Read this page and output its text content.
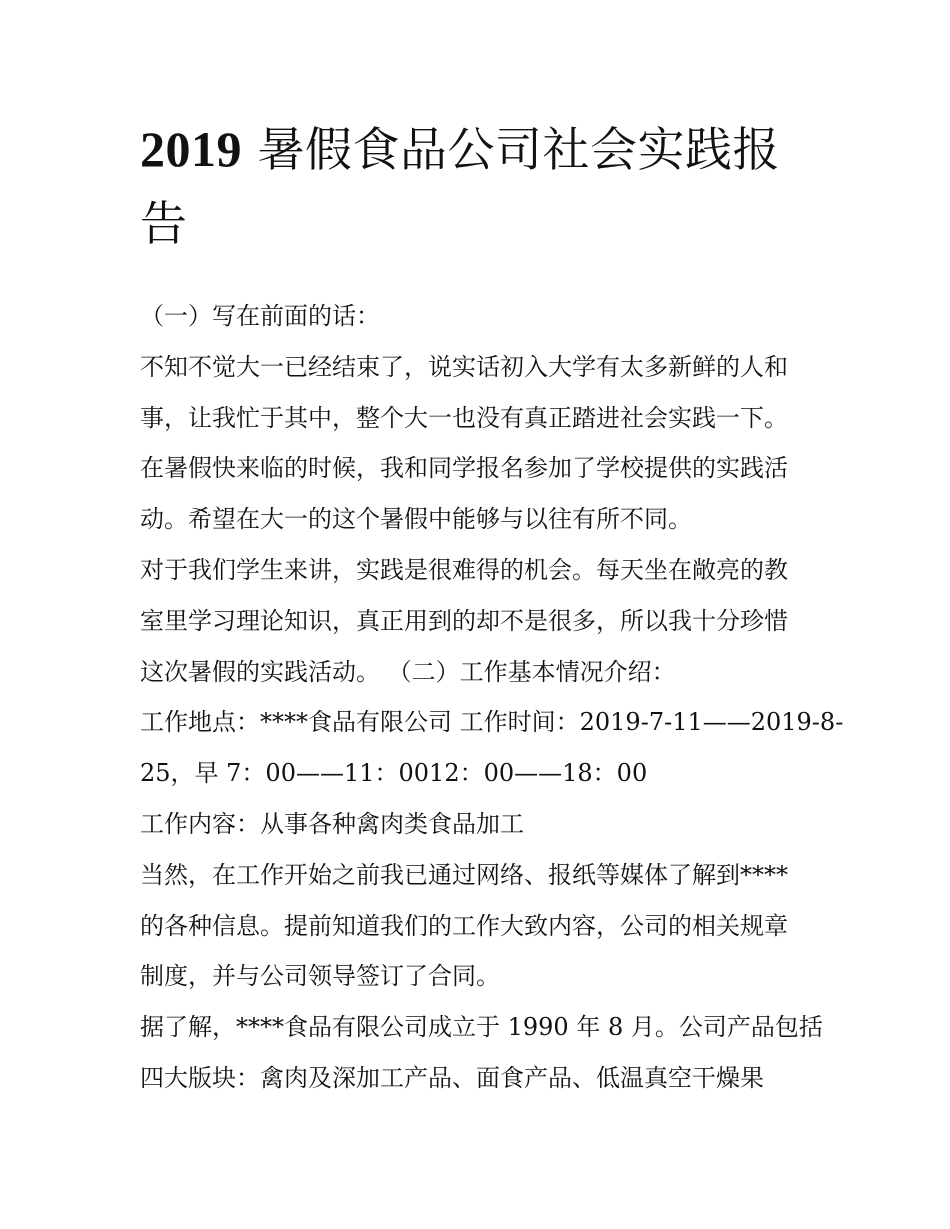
2019 暑假食品公司社会实践报告

（一）写在前面的话：

不知不觉大一已经结束了，说实话初入大学有太多新鲜的人和

事，让我忙于其中，整个大一也没有真正踏进社会实践一下。

在暑假快来临的时候，我和同学报名参加了学校提供的实践活

动。希望在大一的这个暑假中能够与以往有所不同。

对于我们学生来讲，实践是很难得的机会。每天坐在敞亮的教

室里学习理论知识，真正用到的却不是很多，所以我十分珍惜

这次暑假的实践活动。 （二）工作基本情况介绍：

工作地点：****食品有限公司 工作时间：2019-7-11——2019-8-

25，早 7：00——11：0012：00——18：00

工作内容：从事各种禽肉类食品加工

当然，在工作开始之前我已通过网络、报纸等媒体了解到****

的各种信息。提前知道我们的工作大致内容，公司的相关规章

制度，并与公司领导签订了合同。

据了解，****食品有限公司成立于 1990 年 8 月。公司产品包括

四大版块：禽肉及深加工产品、面食产品、低温真空干燥果
